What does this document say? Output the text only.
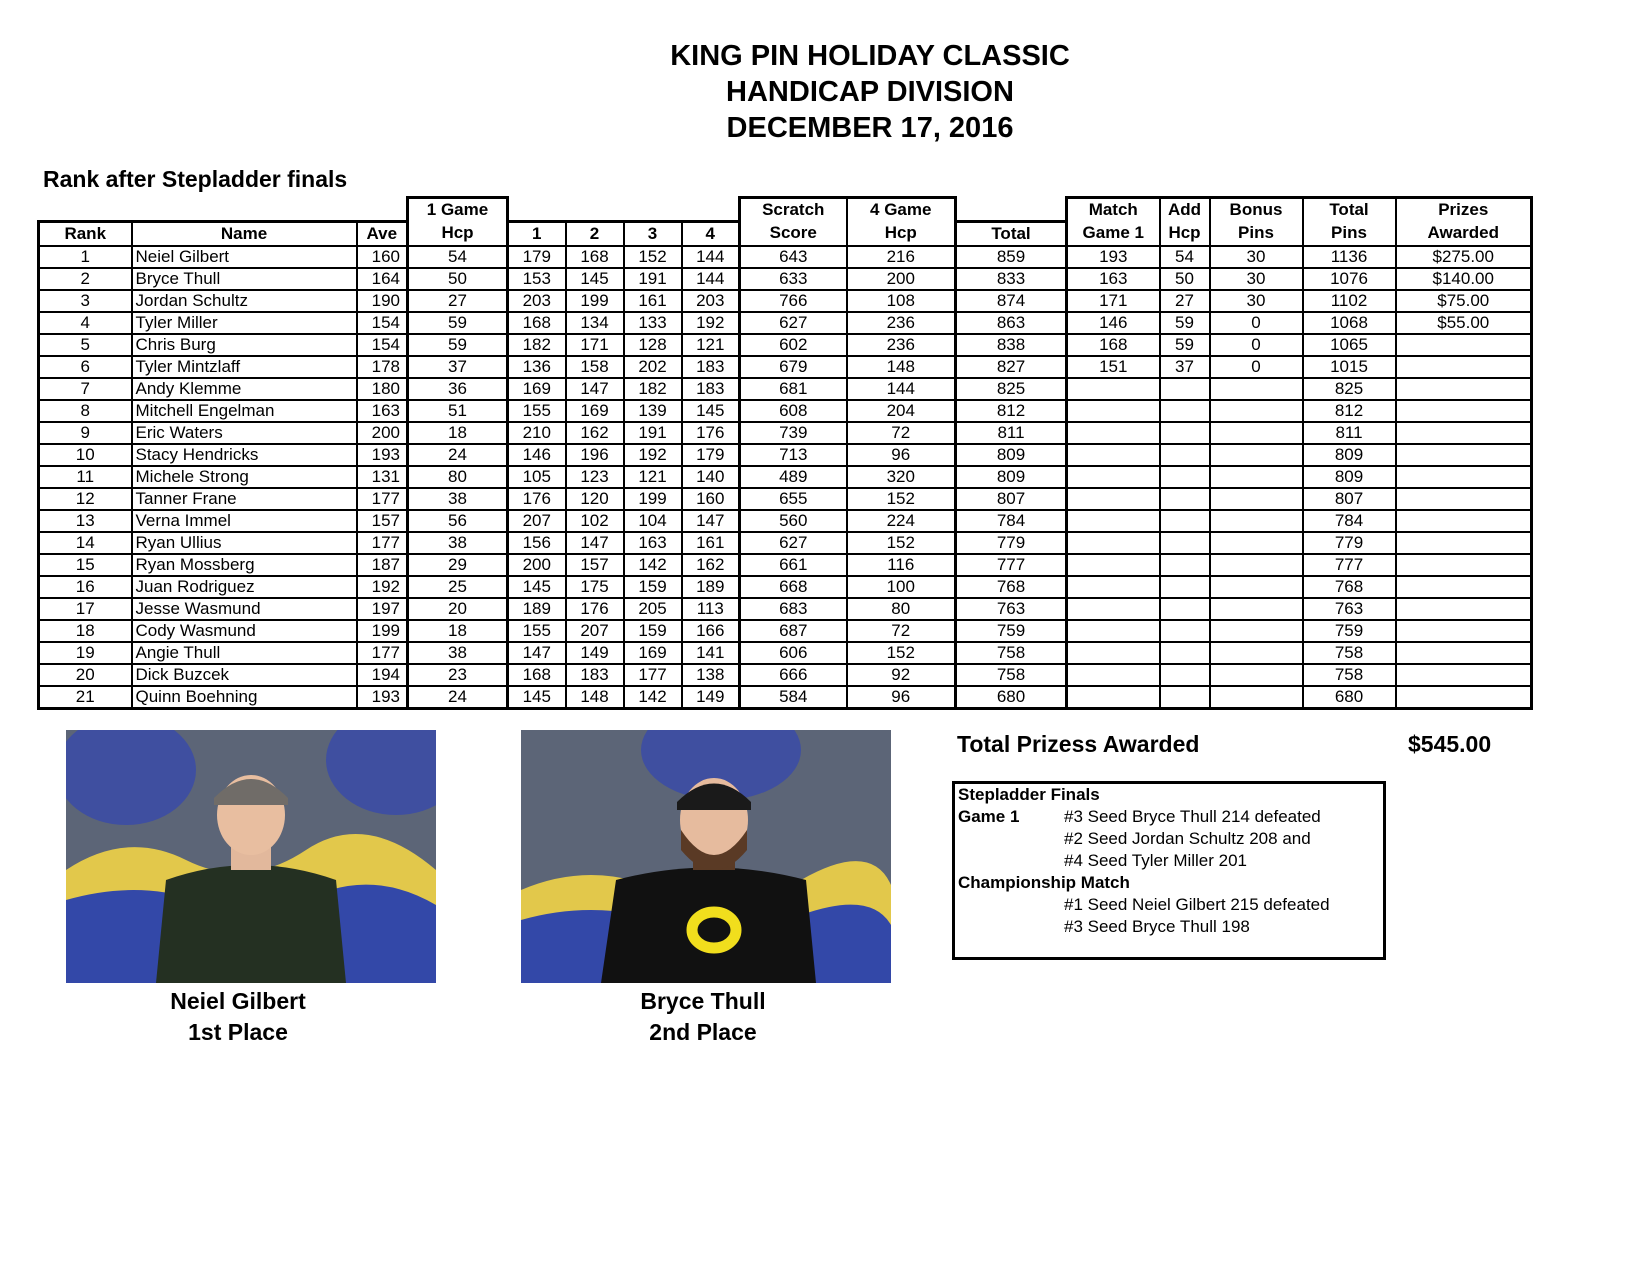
KING PIN HOLIDAY CLASSIC
HANDICAP DIVISION
DECEMBER 17, 2016
Rank after Stepladder finals
			1 Game					Scratch	4 Game		Match	Add	Bonus	Total	Prizes
Rank	Name	Ave	Hcp	1	2	3	4	Score	Hcp	Total	Game 1	Hcp	Pins	Pins	Awarded
1	Neiel Gilbert	160	54	179	168	152	144	643	216	859	193	54	30	1136	$275.00
2	Bryce Thull	164	50	153	145	191	144	633	200	833	163	50	30	1076	$140.00
3	Jordan Schultz	190	27	203	199	161	203	766	108	874	171	27	30	1102	$75.00
4	Tyler Miller	154	59	168	134	133	192	627	236	863	146	59	0	1068	$55.00
5	Chris Burg	154	59	182	171	128	121	602	236	838	168	59	0	1065	
6	Tyler Mintzlaff	178	37	136	158	202	183	679	148	827	151	37	0	1015	
7	Andy Klemme	180	36	169	147	182	183	681	144	825				825	
8	Mitchell Engelman	163	51	155	169	139	145	608	204	812				812	
9	Eric Waters	200	18	210	162	191	176	739	72	811				811	
10	Stacy Hendricks	193	24	146	196	192	179	713	96	809				809	
11	Michele Strong	131	80	105	123	121	140	489	320	809				809	
12	Tanner Frane	177	38	176	120	199	160	655	152	807				807	
13	Verna Immel	157	56	207	102	104	147	560	224	784				784	
14	Ryan Ullius	177	38	156	147	163	161	627	152	779				779	
15	Ryan Mossberg	187	29	200	157	142	162	661	116	777				777	
16	Juan Rodriguez	192	25	145	175	159	189	668	100	768				768	
17	Jesse Wasmund	197	20	189	176	205	113	683	80	763				763	
18	Cody Wasmund	199	18	155	207	159	166	687	72	759				759	
19	Angie Thull	177	38	147	149	169	141	606	152	758				758	
20	Dick Buzcek	194	23	168	183	177	138	666	92	758				758	
21	Quinn Boehning	193	24	145	148	142	149	584	96	680				680	
Neiel Gilbert
1st Place
Bryce Thull
2nd Place
Total Prizess Awarded	$545.00
Stepladder Finals
Game 1	#3 Seed Bryce Thull 214 defeated
#2 Seed Jordan Schultz 208 and
#4 Seed Tyler Miller 201
Championship Match
#1 Seed Neiel Gilbert 215 defeated
#3 Seed Bryce Thull 198
